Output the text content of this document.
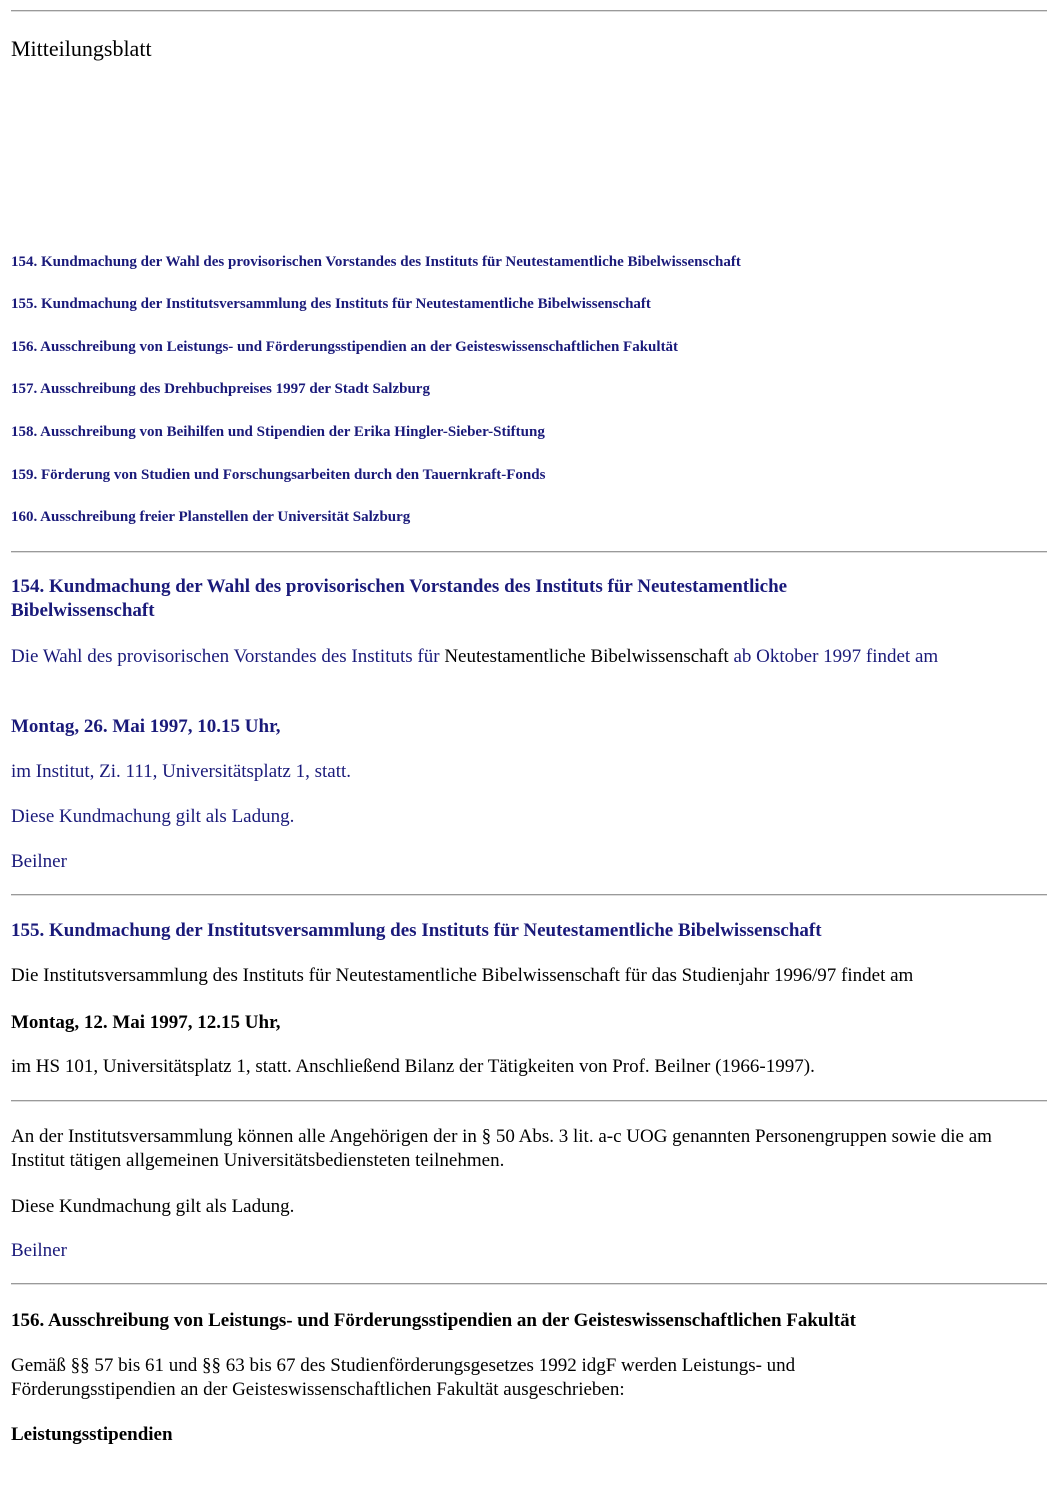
Mitteilungsblatt
154. Kundmachung der Wahl des provisorischen Vorstandes des Instituts für Neutestamentliche Bibelwissenschaft
155. Kundmachung der Institutsversammlung des Instituts für Neutestamentliche Bibelwissenschaft
156. Ausschreibung von Leistungs- und Förderungsstipendien an der Geisteswissenschaftlichen Fakultät
157. Ausschreibung des Drehbuchpreises 1997 der Stadt Salzburg
158. Ausschreibung von Beihilfen und Stipendien der Erika Hingler-Sieber-Stiftung
159. Förderung von Studien und Forschungsarbeiten durch den Tauernkraft-Fonds
160. Ausschreibung freier Planstellen der Universität Salzburg
154. Kundmachung der Wahl des provisorischen Vorstandes des Instituts für Neutestamentliche Bibelwissenschaft
Die Wahl des provisorischen Vorstandes des Instituts für Neutestamentliche Bibelwissenschaft ab Oktober 1997 findet am
Montag, 26. Mai 1997, 10.15 Uhr,
im Institut, Zi. 111, Universitätsplatz 1, statt.
Diese Kundmachung gilt als Ladung.
Beilner
155. Kundmachung der Institutsversammlung des Instituts für Neutestamentliche Bibelwissenschaft
Die Institutsversammlung des Instituts für Neutestamentliche Bibelwissenschaft für das Studienjahr 1996/97 findet am
Montag, 12. Mai 1997, 12.15 Uhr,
im HS 101, Universitätsplatz 1, statt. Anschließend Bilanz der Tätigkeiten von Prof. Beilner (1966-1997).
An der Institutsversammlung können alle Angehörigen der in § 50 Abs. 3 lit. a-c UOG genannten Personengruppen sowie die am Institut tätigen allgemeinen Universitätsbediensteten teilnehmen.
Diese Kundmachung gilt als Ladung.
Beilner
156. Ausschreibung von Leistungs- und Förderungsstipendien an der Geisteswissenschaftlichen Fakultät
Gemäß §§ 57 bis 61 und §§ 63 bis 67 des Studienförderungsgesetzes 1992 idgF werden Leistungs- und Förderungsstipendien an der Geisteswissenschaftlichen Fakultät ausgeschrieben:
Leistungsstipendien
